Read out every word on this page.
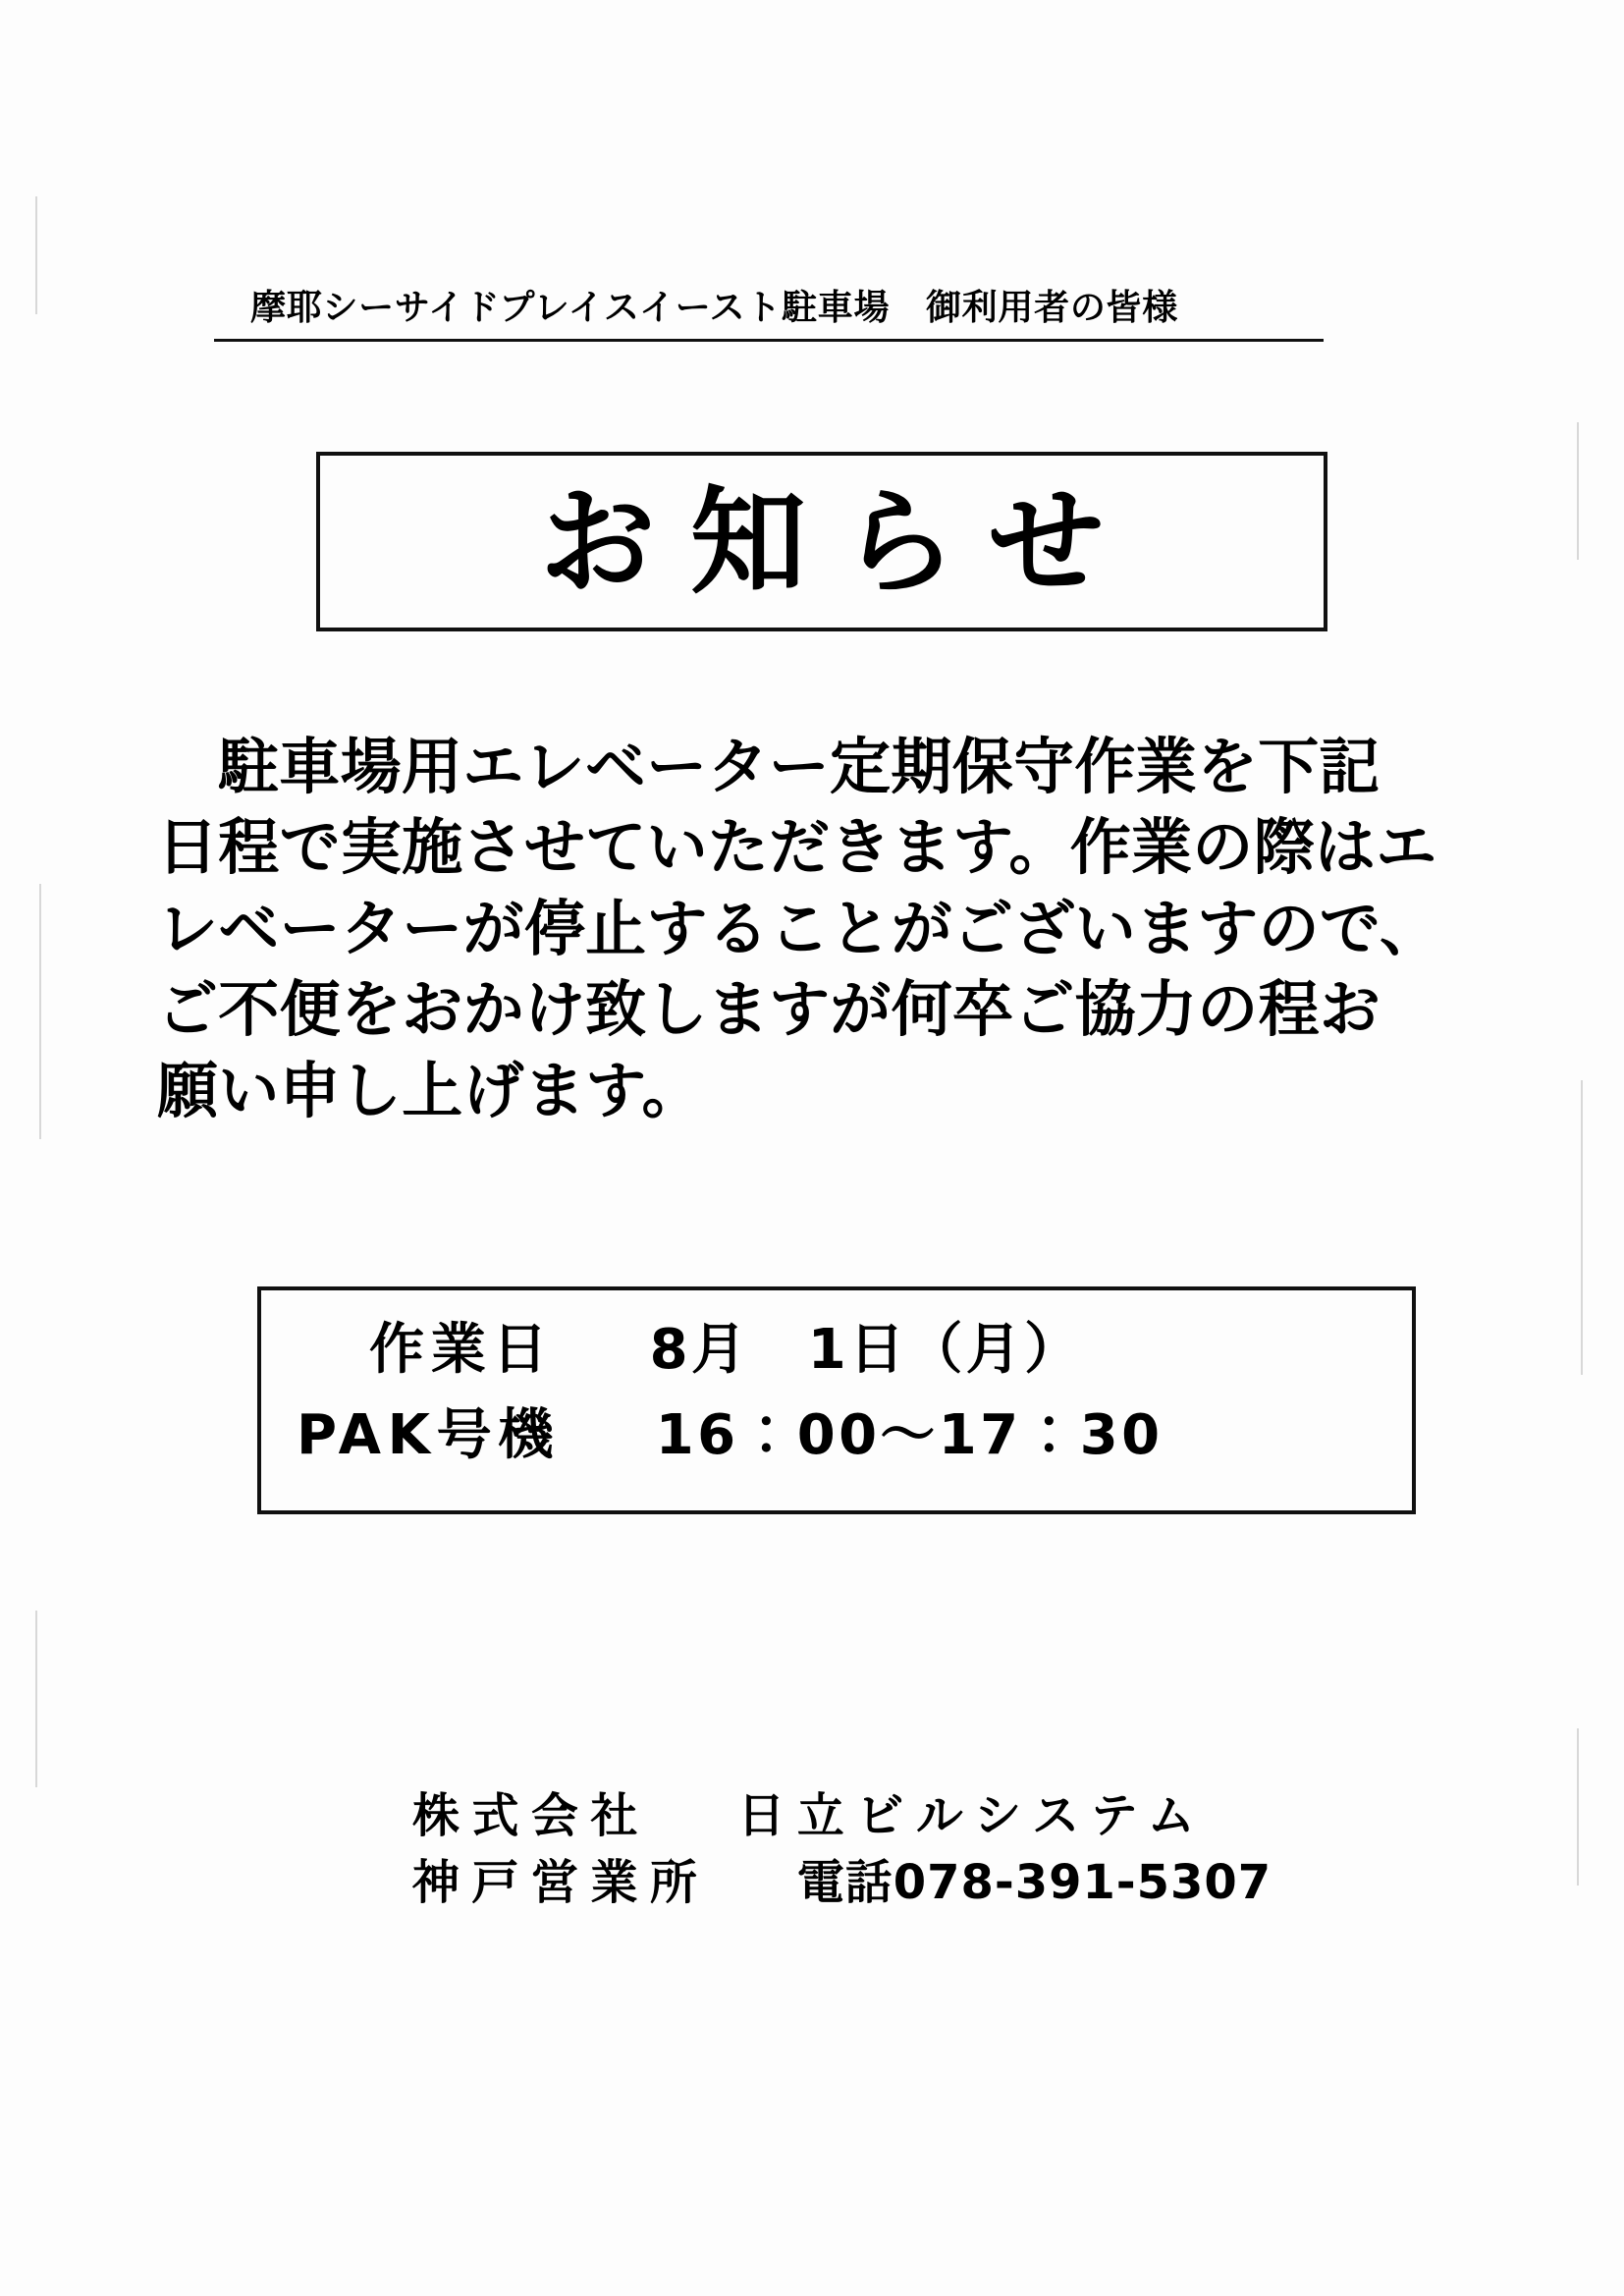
摩耶シーサイドプレイスイースト駐車場　御利用者の皆様
お知らせ
駐車場用エレベーター定期保守作業を下記
日程で実施させていただきます。作業の際はエ
レベーターが停止することがございますので、
ご不便をおかけ致しますが何卒ご協力の程お
願い申し上げます。
作業日 8月　1日（月）
PAK号機 16：00～17：30
株式会社 日立ビルシステム
神戸営業所 電話078-391-5307
